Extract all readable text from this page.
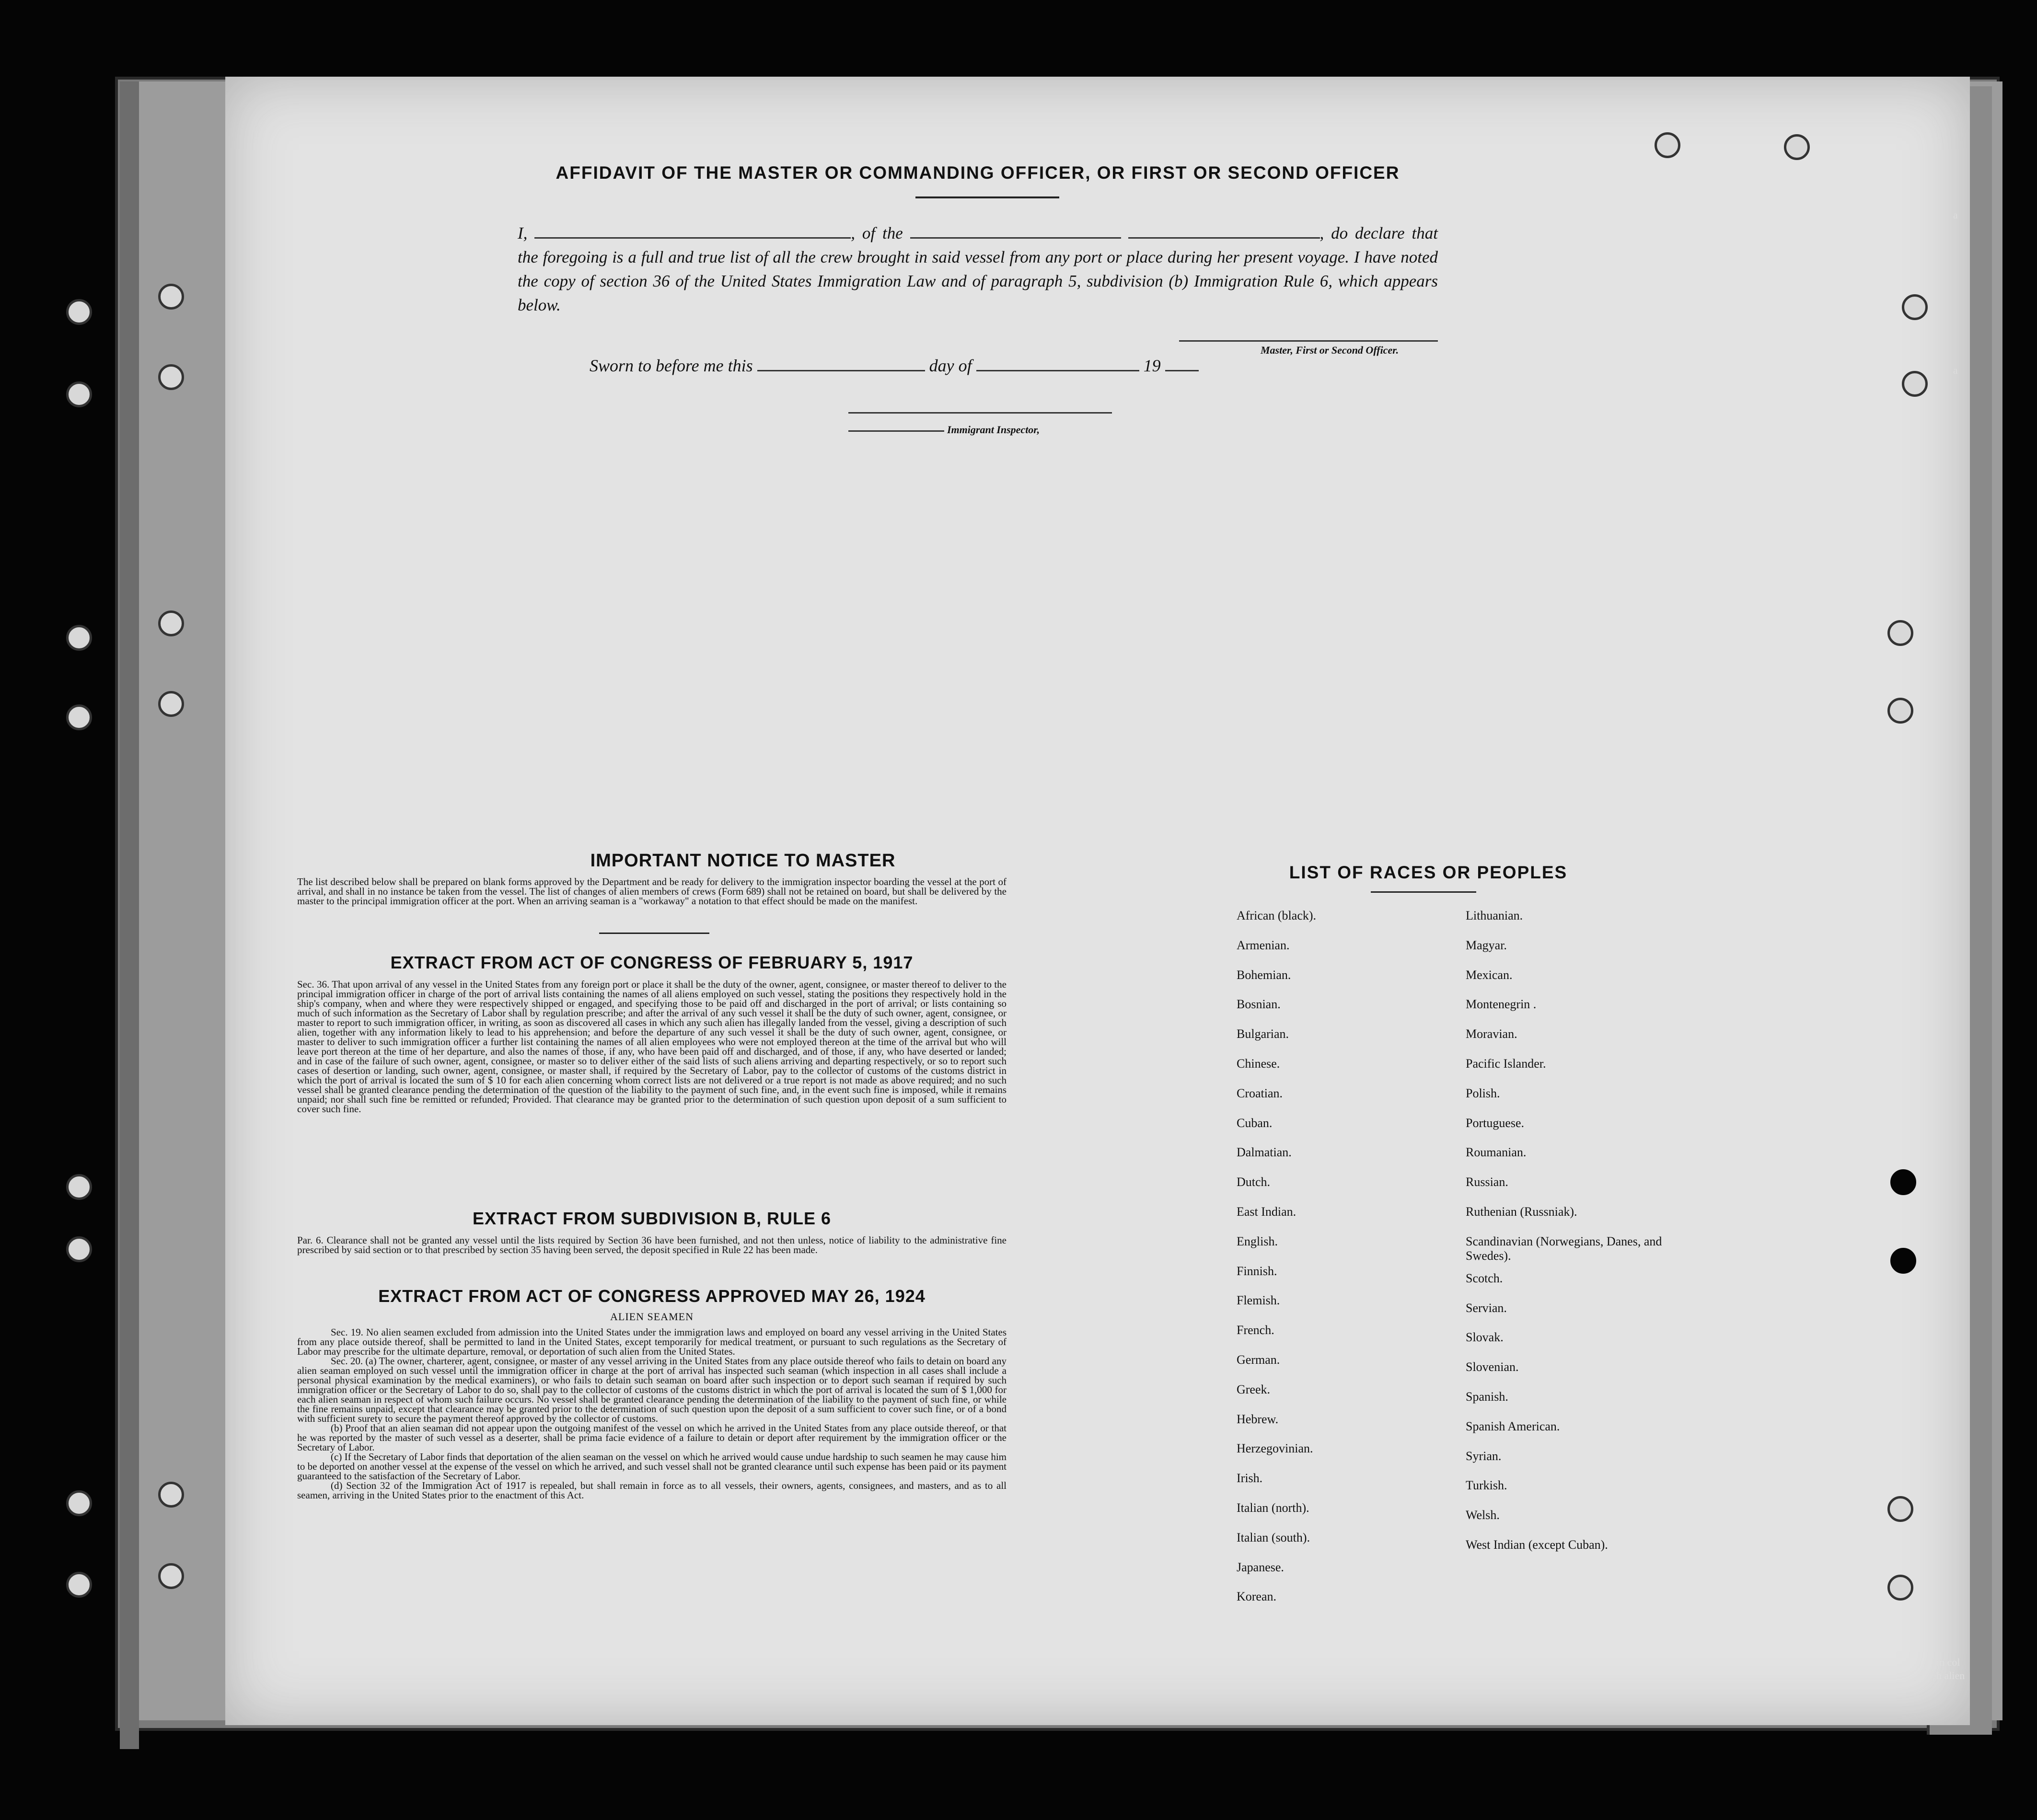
a
a
in col
h alien
AFFIDAVIT OF THE MASTER OR COMMANDING OFFICER, OR FIRST OR SECOND OFFICER
I,	, of the	, do declare that the foregoing is a full and true list of all the crew brought in said vessel from any port or place during her present voyage. I have noted the copy of section 36 of the United States Immigration Law and of paragraph 5, subdivision (b) Immigration Rule 6, which appears below.
Master, First or Second Officer.
Sworn to before me this	day of	19
Immigrant Inspector,
IMPORTANT NOTICE TO MASTER
The list described below shall be prepared on blank forms approved by the Department and be ready for delivery to the immigration inspector boarding the vessel at the port of arrival, and shall in no instance be taken from the vessel. The list of changes of alien members of crews (Form 689) shall not be retained on board, but shall be delivered by the master to the principal immigration officer at the port. When an arriving seaman is a "workaway" a notation to that effect should be made on the manifest.
EXTRACT FROM ACT OF CONGRESS OF FEBRUARY 5, 1917
Sec. 36. That upon arrival of any vessel in the United States from any foreign port or place it shall be the duty of the owner, agent, consignee, or master thereof to deliver to the principal immigration officer in charge of the port of arrival lists containing the names of all aliens employed on such vessel, stating the positions they respectively hold in the ship's company, when and where they were respectively shipped or engaged, and specifying those to be paid off and discharged in the port of arrival; or lists containing so much of such information as the Secretary of Labor shall by regulation prescribe; and after the arrival of any such vessel it shall be the duty of such owner, agent, consignee, or master to report to such immigration officer, in writing, as soon as discovered all cases in which any such alien has illegally landed from the vessel, giving a description of such alien, together with any information likely to lead to his apprehension; and before the departure of any such vessel it shall be the duty of such owner, agent, consignee, or master to deliver to such immigration officer a further list containing the names of all alien employees who were not employed thereon at the time of the arrival but who will leave port thereon at the time of her departure, and also the names of those, if any, who have been paid off and discharged, and of those, if any, who have deserted or landed; and in case of the failure of such owner, agent, consignee, or master so to deliver either of the said lists of such aliens arriving and departing respectively, or so to report such cases of desertion or landing, such owner, agent, consignee, or master shall, if required by the Secretary of Labor, pay to the collector of customs of the customs district in which the port of arrival is located the sum of $ 10 for each alien concerning whom correct lists are not delivered or a true report is not made as above required; and no such vessel shall be granted clearance pending the determination of the question of the liability to the payment of such fine, and, in the event such fine is imposed, while it remains unpaid; nor shall such fine be remitted or refunded; Provided. That clearance may be granted prior to the determination of such question upon deposit of a sum sufficient to cover such fine.
EXTRACT FROM SUBDIVISION B, RULE 6
Par. 6. Clearance shall not be granted any vessel until the lists required by Section 36 have been furnished, and not then unless, notice of liability to the administrative fine prescribed by said section or to that prescribed by section 35 having been served, the deposit specified in Rule 22 has been made.
EXTRACT FROM ACT OF CONGRESS APPROVED MAY 26, 1924
ALIEN SEAMEN

Sec. 19. No alien seamen excluded from admission into the United States under the immigration laws and employed on board any vessel arriving in the United States from any place outside thereof, shall be permitted to land in the United States, except temporarily for medical treatment, or pursuant to such regulations as the Secretary of Labor may prescribe for the ultimate departure, removal, or deportation of such alien from the United States.

Sec. 20. (a) The owner, charterer, agent, consignee, or master of any vessel arriving in the United States from any place outside thereof who fails to detain on board any alien seaman employed on such vessel until the immigration officer in charge at the port of arrival has inspected such seaman (which inspection in all cases shall include a personal physical examination by the medical examiners), or who fails to detain such seaman on board after such inspection or to deport such seaman if required by such immigration officer or the Secretary of Labor to do so, shall pay to the collector of customs of the customs district in which the port of arrival is located the sum of $ 1,000 for each alien seaman in respect of whom such failure occurs. No vessel shall be granted clearance pending the determination of the liability to the payment of such fine, or while the fine remains unpaid, except that clearance may be granted prior to the determination of such question upon the deposit of a sum sufficient to cover such fine, or of a bond with sufficient surety to secure the payment thereof approved by the collector of customs.

(b) Proof that an alien seaman did not appear upon the outgoing manifest of the vessel on which he arrived in the United States from any place outside thereof, or that he was reported by the master of such vessel as a deserter, shall be prima facie evidence of a failure to detain or deport after requirement by the immigration officer or the Secretary of Labor.

(c) If the Secretary of Labor finds that deportation of the alien seaman on the vessel on which he arrived would cause undue hardship to such seamen he may cause him to be deported on another vessel at the expense of the vessel on which he arrived, and such vessel shall not be granted clearance until such expense has been paid or its payment guaranteed to the satisfaction of the Secretary of Labor.

(d) Section 32 of the Immigration Act of 1917 is repealed, but shall remain in force as to all vessels, their owners, agents, consignees, and masters, and as to all seamen, arriving in the United States prior to the enactment of this Act.

LIST OF RACES OR PEOPLES
African (black).
Armenian.
Bohemian.
Bosnian.
Bulgarian.
Chinese.
Croatian.
Cuban.
Dalmatian.
Dutch.
East Indian.
English.
Finnish.
Flemish.
French.
German.
Greek.
Hebrew.
Herzegovinian.
Irish.
Italian (north).
Italian (south).
Japanese.
Korean.
Lithuanian.
Magyar.
Mexican.
Montenegrin .
Moravian.
Pacific Islander.
Polish.
Portuguese.
Roumanian.
Russian.
Ruthenian (Russniak).
Scandinavian (Norwegians, Danes, and Swedes).
Scotch.
Servian.
Slovak.
Slovenian.
Spanish.
Spanish American.
Syrian.
Turkish.
Welsh.
West Indian (except Cuban).
